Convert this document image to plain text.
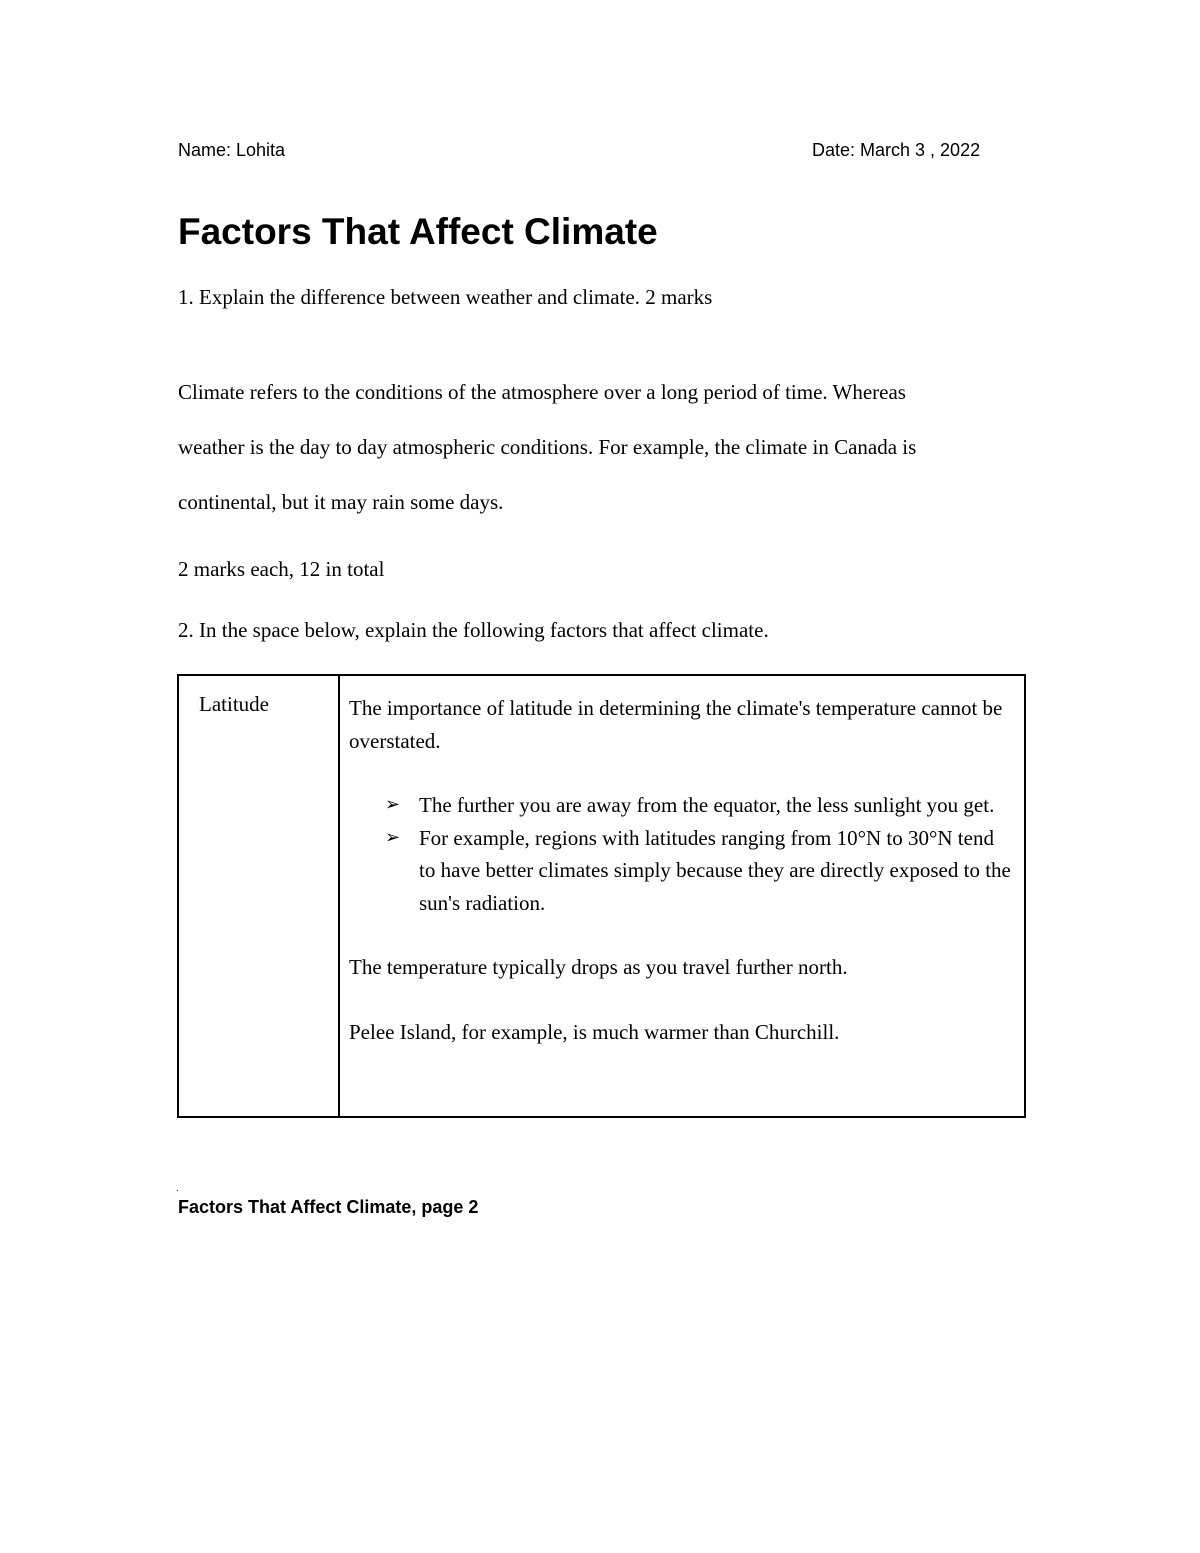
Name: Lohita	Date: March 3 , 2022
Factors That Affect Climate
1. Explain the difference between weather and climate. 2 marks
Climate refers to the conditions of the atmosphere over a long period of time. Whereas
weather is the day to day atmospheric conditions. For example, the climate in Canada is
continental, but it may rain some days.
2 marks each, 12 in total
2. In the space below, explain the following factors that affect climate.
Latitude	The importance of latitude in determining the climate's temperature cannot be overstated.

➢ The further you are away from the equator, the less sunlight you get.
➢ For example, regions with latitudes ranging from 10°N to 30°N tend to have better climates simply because they are directly exposed to the sun's radiation.

The temperature typically drops as you travel further north.

Pelee Island, for example, is much warmer than Churchill.

.
Factors That Affect Climate, page 2
